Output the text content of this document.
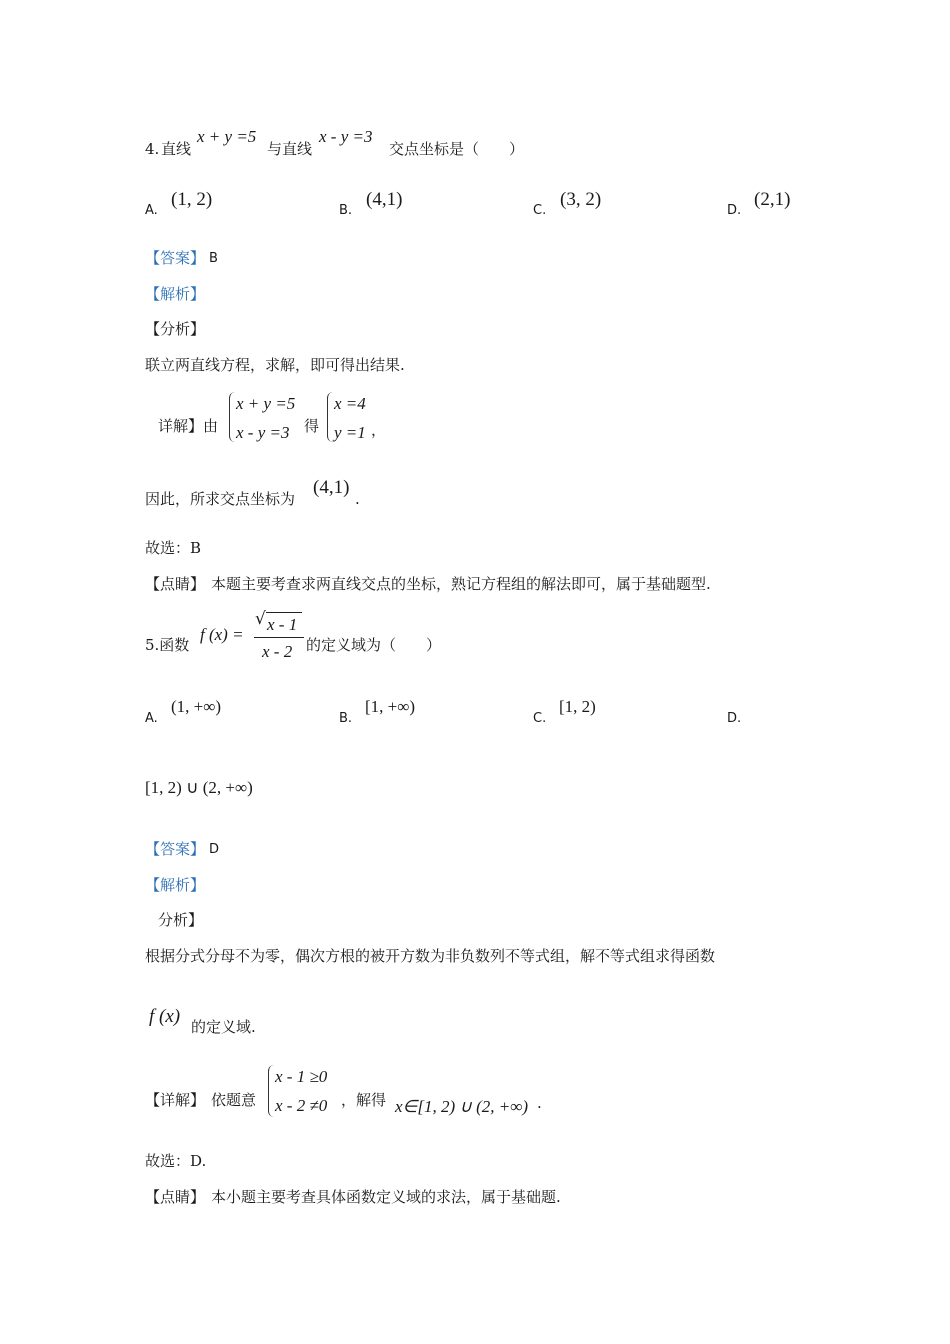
4. 直线
x + y =5
与直线
x - y =3
交点坐标是（　　）
A.
(1, 2)
B.
(4,1)
C.
(3, 2)
D.
(2,1)
【答案】 B
【解析】
【分析】
联立两直线方程，求解，即可得出结果.
详解】由
x + y =5
x - y =3 得
x =4
y =1 ，
因此，所求交点坐标为
(4,1)
.
故选：B
【点睛】 本题主要考查求两直线交点的坐标，熟记方程组的解法即可，属于基础题型.
5.函数
f (x) =
√ x - 1
x - 2 的定义域为（　　）
A.
(1, +∞)
B.
[1, +∞)
C.
[1, 2)
D.
[1, 2) ∪ (2, +∞)
【答案】 D
【解析】
分析】
根据分式分母不为零，偶次方根的被开方数为非负数列不等式组，解不等式组求得函数
f (x) 的定义域.
【详解】 依题意
x - 1 ≥0
x - 2 ≠0 ，解得 x∈[1, 2) ∪ (2, +∞) .
故选：D.
【点睛】 本小题主要考查具体函数定义域的求法，属于基础题.
